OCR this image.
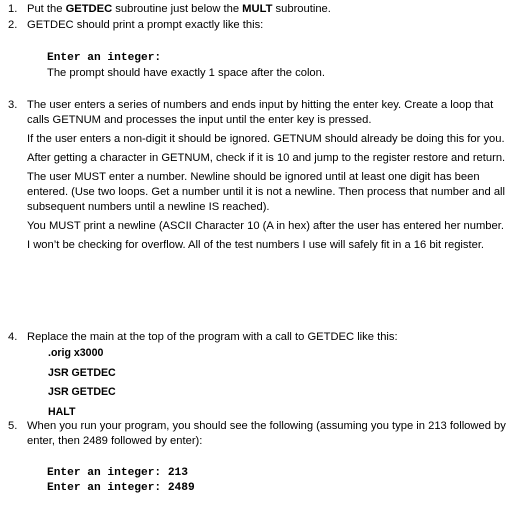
1. Put the GETDEC subroutine just below the MULT subroutine.
2. GETDEC should print a prompt exactly like this:
Enter an integer:
The prompt should have exactly 1 space after the colon.
3. The user enters a series of numbers and ends input by hitting the enter key. Create a loop that calls GETNUM and processes the input until the enter key is pressed.

If the user enters a non-digit it should be ignored. GETNUM should already be doing this for you.

After getting a character in GETNUM, check if it is 10 and jump to the register restore and return.

The user MUST enter a number. Newline should be ignored until at least one digit has been entered. (Use two loops. Get a number until it is not a newline. Then process that number and all subsequent numbers until a newline IS reached).

You MUST print a newline (ASCII Character 10 (A in hex) after the user has entered her number.

I won’t be checking for overflow. All of the test numbers I use will safely fit in a 16 bit register.

4. Replace the main at the top of the program with a call to GETDEC like this:
.orig x3000
JSR GETDEC
JSR GETDEC
HALT
5. When you run your program, you should see the following (assuming you type in 213 followed by enter, then 2489 followed by enter):
Enter an integer: 213
Enter an integer: 2489
